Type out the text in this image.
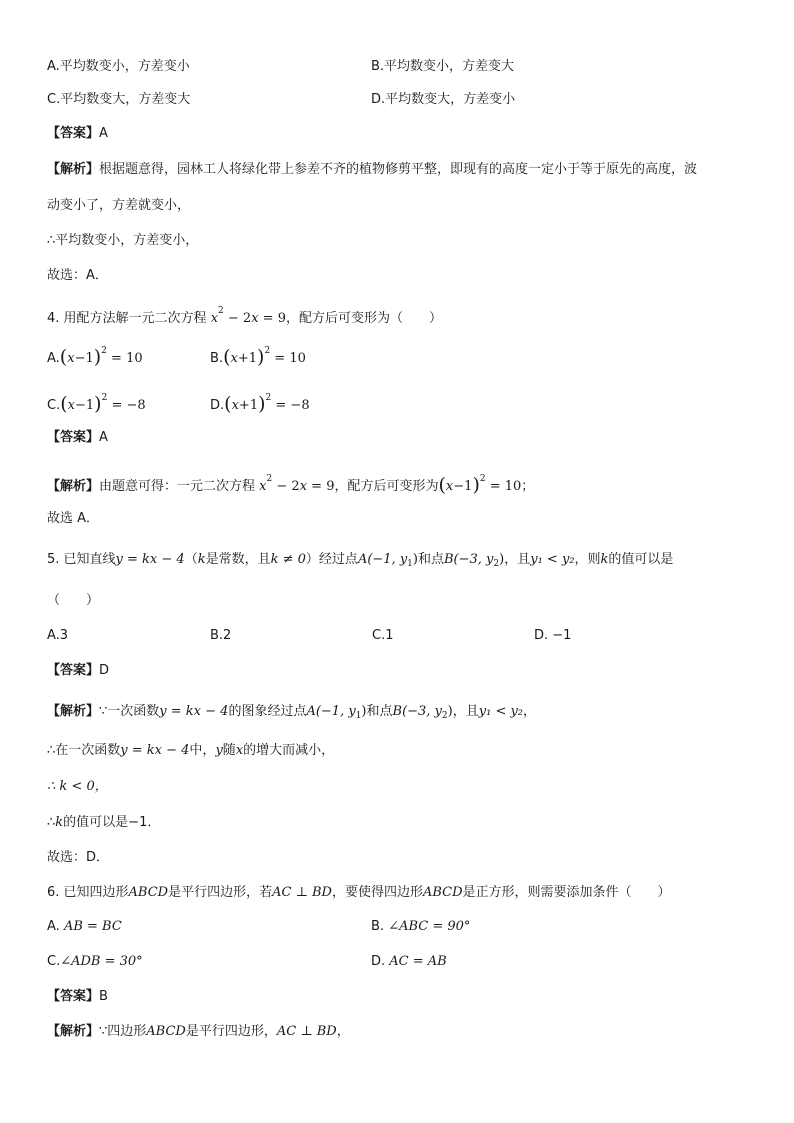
A.平均数变小，方差变小	B.平均数变小，方差变大
C.平均数变大，方差变大	D.平均数变大，方差变小
【答案】A
【解析】根据题意得，园林工人将绿化带上参差不齐的植物修剪平整，即现有的高度一定小于等于原先的高度，波
动变小了，方差就变小，
∴平均数变小，方差变小，
故选：A．
4. 用配方法解一元二次方程 $x^2 - 2x = 9$，配方后可变形为（　　）
$A.(x-1)^2 = 10$	$B.(x+1)^2 = 10$
$C.(x-1)^2 = -8$	$D.(x+1)^2 = -8$
【答案】A
【解析】由题意可得：一元二次方程 $x^2 - 2x = 9$，配方后可变形为$(x-1)^2 = 10$；
故选 A．
5. 已知直线y = kx − 4（k是常数，且k ≠ 0）经过点A(−1, $y_1$)和点B(−3, $y_2$)，且y₁ < y₂，则k的值可以是
（　　）
A.3	B.2	C.1	D. −1
【答案】D
【解析】∵一次函数y = kx − 4的图象经过点A(−1, $y_1$)和点B(−3, $y_2$)，且y₁ < y₂，
∴在一次函数y = kx − 4中，y随x的增大而减小，
∴ k < 0，
∴k的值可以是−1．
故选：D．
6. 已知四边形ABCD是平行四边形，若AC ⊥ BD，要使得四边形ABCD是正方形，则需要添加条件（　　）
A. AB = BC	B. ∠ABC = 90°
C.∠ADB = 30°	D. AC = AB
【答案】B
【解析】∵四边形ABCD是平行四边形，AC ⊥ BD，
